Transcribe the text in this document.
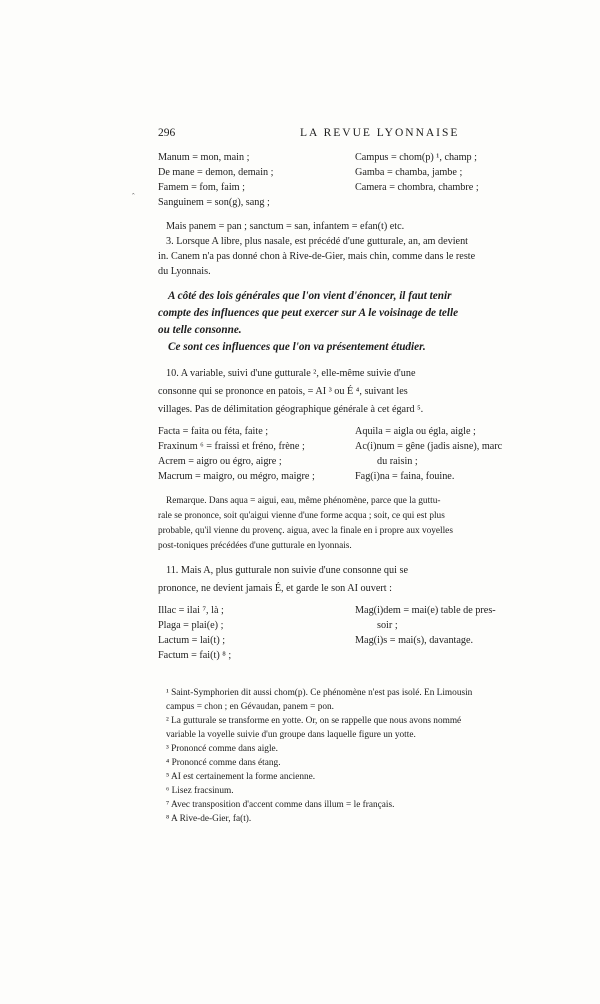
296	LA REVUE LYONNAISE
ˆ
Manum = mon, main ;	Campus = chom(p) ¹, champ ;
De mane = demon, demain ;	Gamba = chamba, jambe ;
Famem = fom, faim ;	Camera = chombra, chambre ;
Sanguinem = son(g), sang ;
Mais panem = pan ; sanctum = san, infantem = efan(t) etc.
3. Lorsque A libre, plus nasale, est précédé d'une gutturale, an, am devient
in. Canem n'a pas donné chon à Rive-de-Gier, mais chin, comme dans le reste
du Lyonnais.
A côté des lois générales que l'on vient d'énoncer, il faut tenir
compte des influences que peut exercer sur A le voisinage de telle
ou telle consonne.
Ce sont ces influences que l'on va présentement étudier.
10. A variable, suivi d'une gutturale ², elle-même suivie d'une
consonne qui se prononce en patois, = AI ³ ou É ⁴, suivant les
villages. Pas de délimitation géographique générale à cet égard ⁵.
Facta = faita ou féta, faite ;	Aquila = aigla ou égla, aigle ;
Fraxinum ⁶ = fraissi et fréno, frène ;	Ac(i)num = gêne (jadis aisne), marc
Acrem = aigro ou égro, aigre ;	du raisin ;
Macrum = maigro, ou mégro, maigre ;	Fag(i)na = faina, fouine.
Remarque. Dans aqua = aigui, eau, même phénomène, parce que la guttu-
rale se prononce, soit qu'aigui vienne d'une forme acqua ; soit, ce qui est plus
probable, qu'il vienne du provenç. aigua, avec la finale en i propre aux voyelles
post-toniques précédées d'une gutturale en lyonnais.
11. Mais A, plus gutturale non suivie d'une consonne qui se
prononce, ne devient jamais É, et garde le son AI ouvert :
Illac = ilai ⁷, là ;	Mag(i)dem = mai(e) table de pres-
Plaga = plai(e) ;	soir ;
Lactum = lai(t) ;	Mag(i)s = mai(s), davantage.
Factum = fai(t) ⁸ ;
¹ Saint-Symphorien dit aussi chom(p). Ce phénomène n'est pas isolé. En Limousin
campus = chon ; en Gévaudan, panem = pon.
² La gutturale se transforme en yotte. Or, on se rappelle que nous avons nommé
variable la voyelle suivie d'un groupe dans laquelle figure un yotte.
³ Prononcé comme dans aigle.
⁴ Prononcé comme dans étang.
⁵ AI est certainement la forme ancienne.
⁶ Lisez fracsinum.
⁷ Avec transposition d'accent comme dans illum = le français.
⁸ A Rive-de-Gier, fa(t).
